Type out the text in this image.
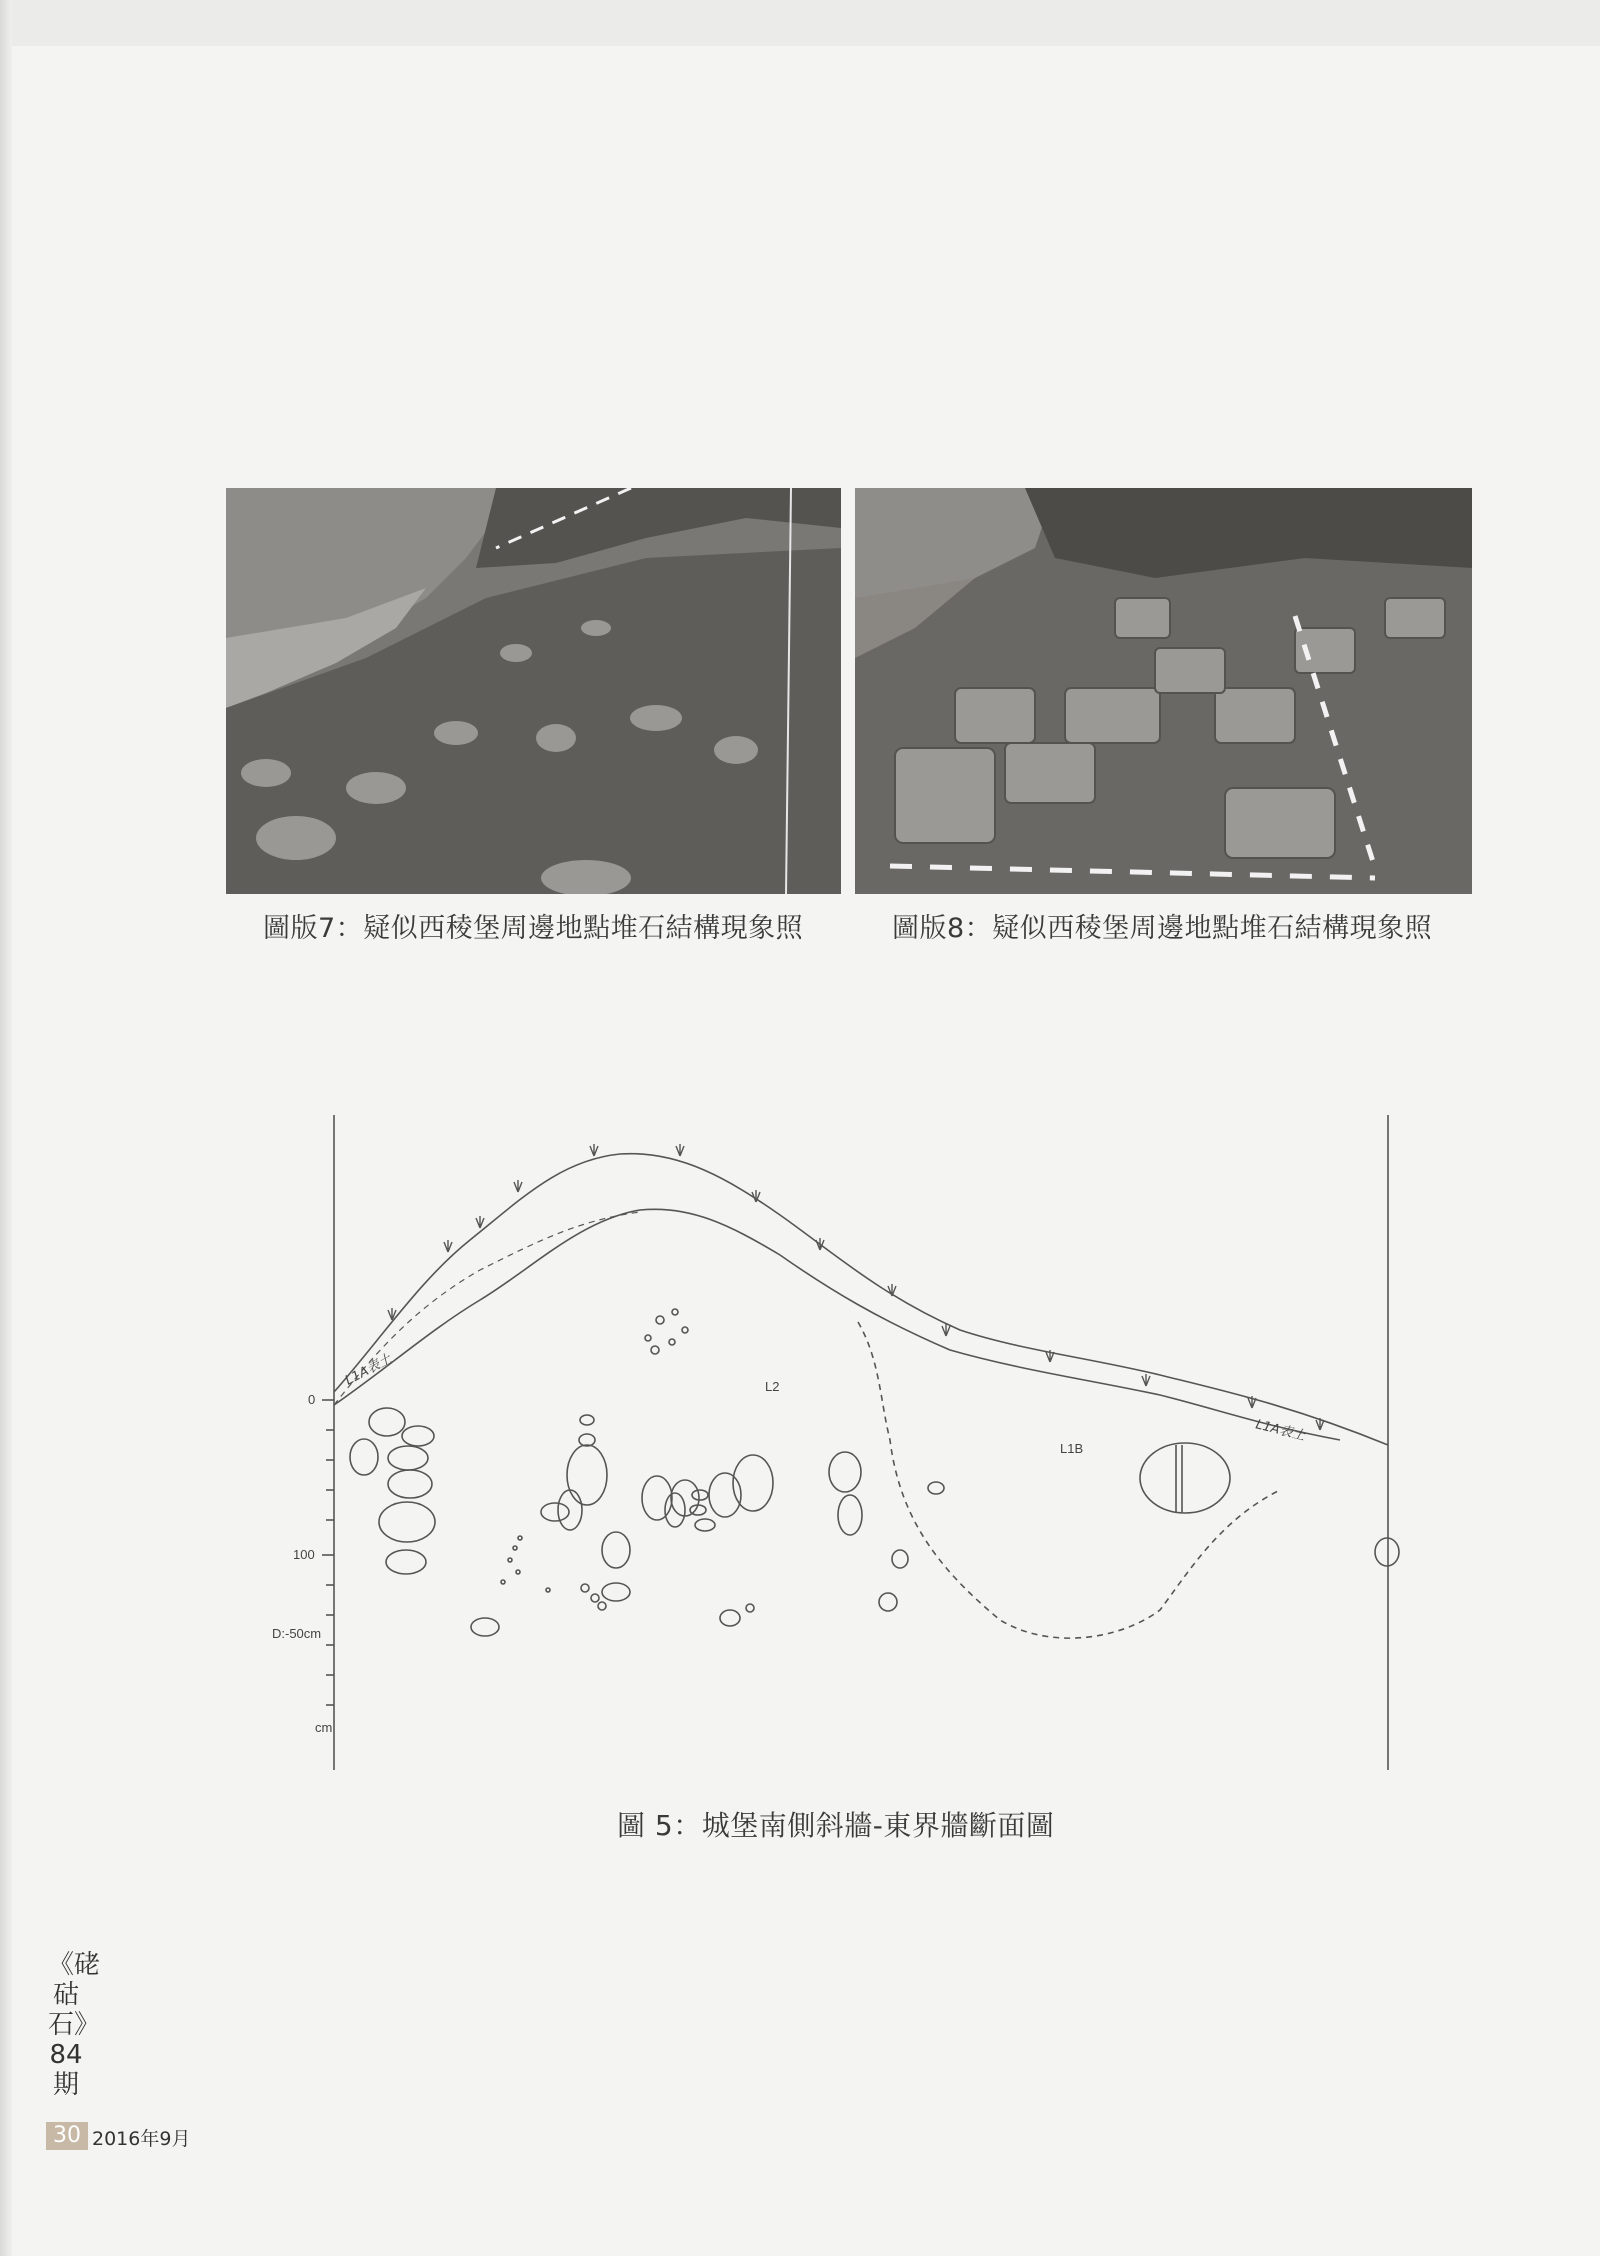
圖版7：疑似西稜堡周邊地點堆石結構現象照	圖版8：疑似西稜堡周邊地點堆石結構現象照
L2
L1B
L1A表土
L1A表土
0
100
D:-50cm
cm
圖 5：城堡南側斜牆-東界牆斷面圖
《硓𥑮石》84期
30 2016年9月
